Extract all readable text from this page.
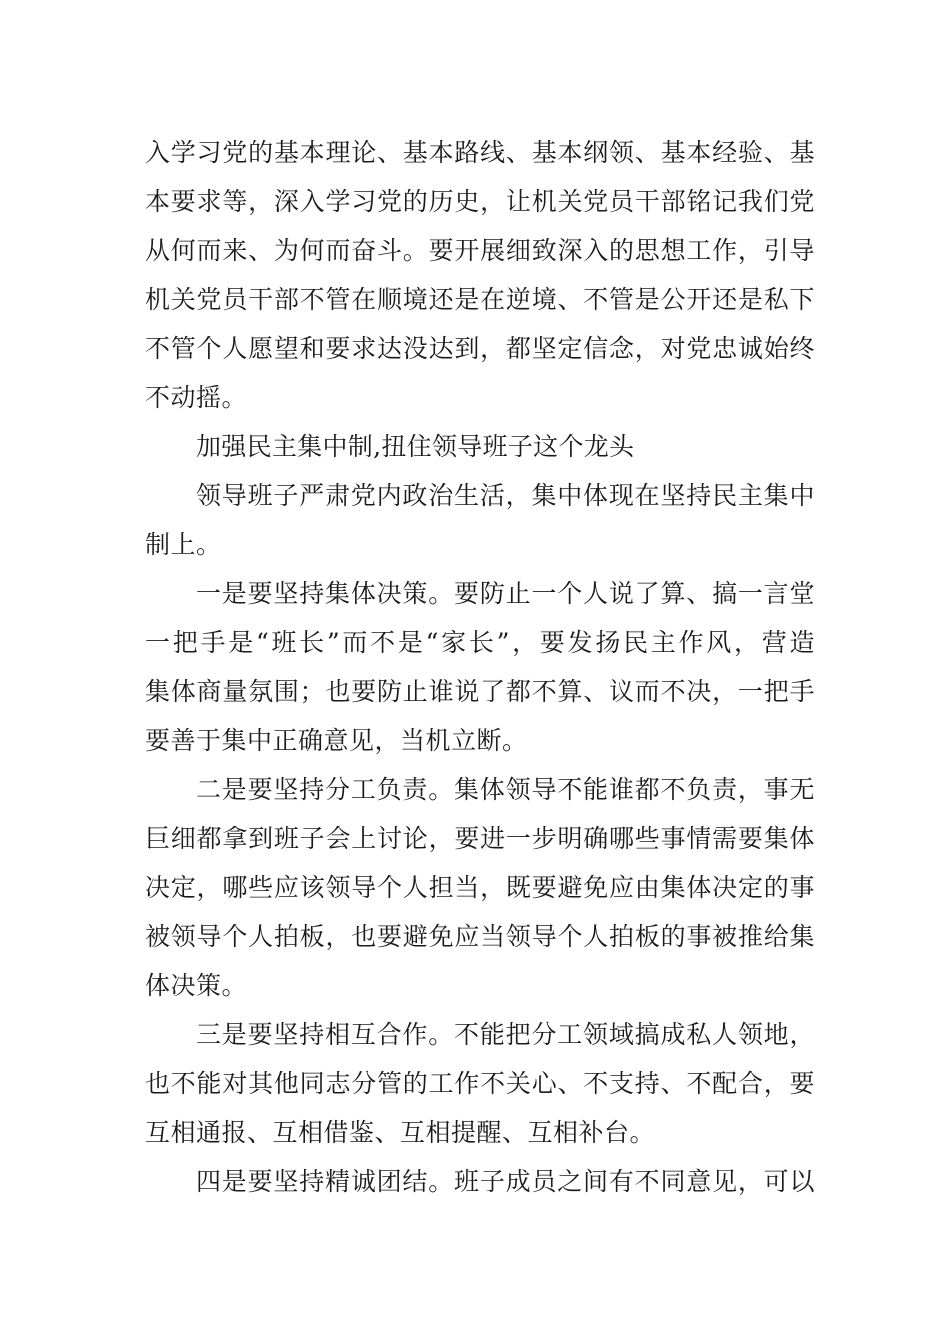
入学习党的基本理论、基本路线、基本纲领、基本经验、基
本要求等，深入学习党的历史，让机关党员干部铭记我们党
从何而来、为何而奋斗。要开展细致深入的思想工作，引导
机关党员干部不管在顺境还是在逆境、不管是公开还是私下
不管个人愿望和要求达没达到，都坚定信念，对党忠诚始终
不动摇。
加强民主集中制,扭住领导班子这个龙头
领导班子严肃党内政治生活，集中体现在坚持民主集中
制上。
一是要坚持集体决策。要防止一个人说了算、搞一言堂
一把手是“班长”而不是“家长”，要发扬民主作风，营造
集体商量氛围；也要防止谁说了都不算、议而不决，一把手
要善于集中正确意见，当机立断。
二是要坚持分工负责。集体领导不能谁都不负责，事无
巨细都拿到班子会上讨论，要进一步明确哪些事情需要集体
决定，哪些应该领导个人担当，既要避免应由集体决定的事
被领导个人拍板，也要避免应当领导个人拍板的事被推给集
体决策。
三是要坚持相互合作。不能把分工领域搞成私人领地，
也不能对其他同志分管的工作不关心、不支持、不配合，要
互相通报、互相借鉴、互相提醒、互相补台。
四是要坚持精诚团结。班子成员之间有不同意见，可以
